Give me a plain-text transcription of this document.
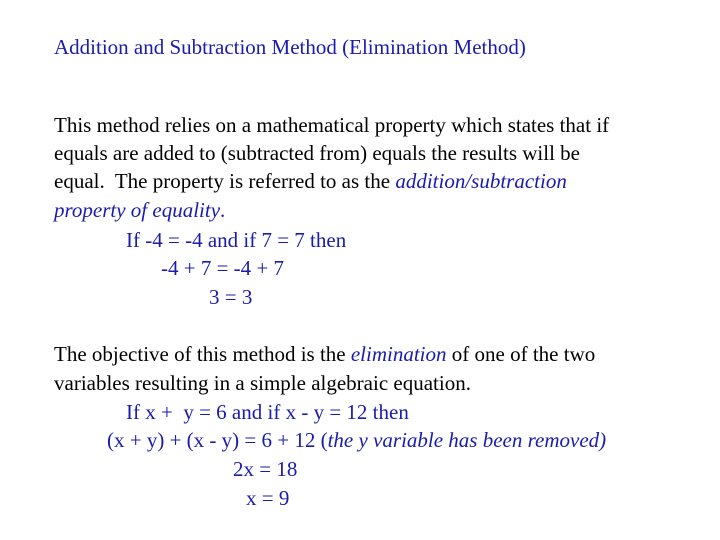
Addition and Subtraction Method (Elimination Method)
This method relies on a mathematical property which states that if
equals are added to (subtracted from) equals the results will be
equal.  The property is referred to as the addition/subtraction
property of equality.
If -4 = -4 and if 7 = 7 then
-4 + 7 = -4 + 7
3 = 3
The objective of this method is the elimination of one of the two
variables resulting in a simple algebraic equation.
If x +  y = 6 and if x - y = 12 then
(x + y) + (x - y) = 6 + 12 (the y variable has been removed)
2x = 18
x = 9
